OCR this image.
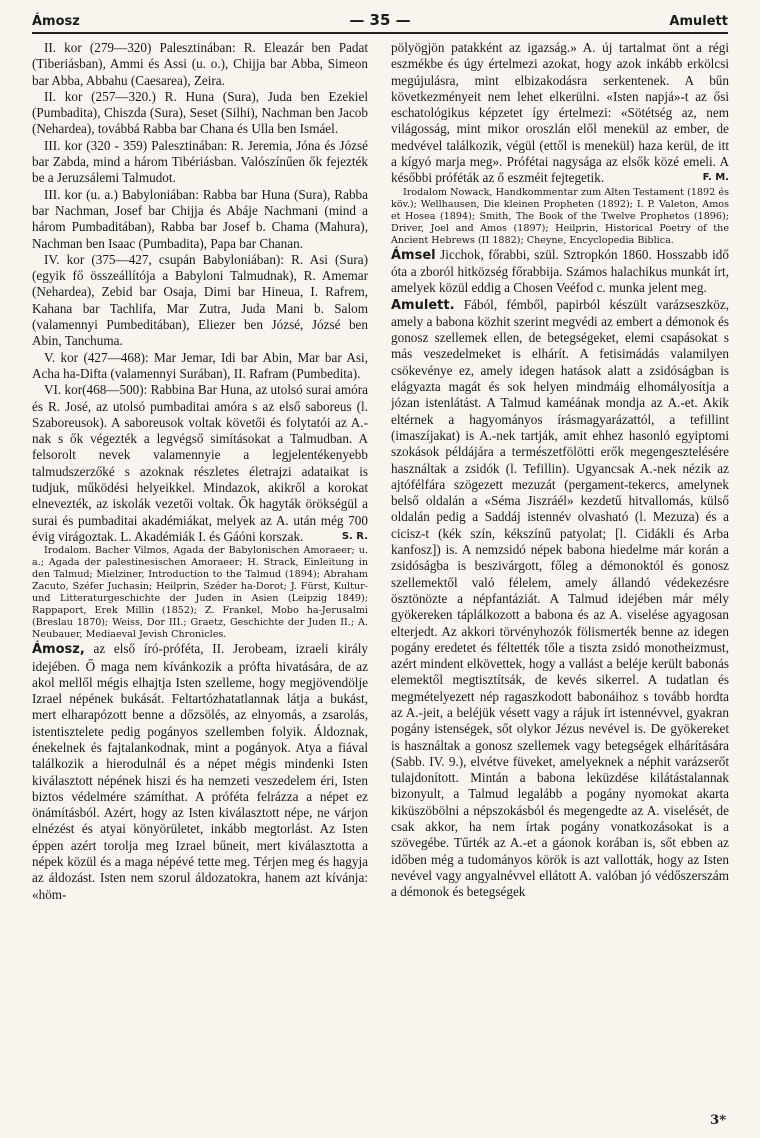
Ámosz	— 35 —	Amulett

II. kor (279—320) Palesztinában: R. Eleazár ben Padat (Tiberiásban), Ammi és Assi (u. o.), Chijja bar Abba, Simeon bar Abba, Abbahu (Caesarea), Zeira.

II. kor (257—320.) R. Huna (Sura), Juda ben Ezekiel (Pumbadita), Chiszda (Sura), Seset (Silhi), Nachman ben Jacob (Nehardea), továbbá Rabba bar Chana és Ulla ben Ismáel.

III. kor (320 - 359) Palesztinában: R. Jeremia, Jóna és Józsé bar Zabda, mind a három Tibériásban. Valószínűen ők fejezték be a Jeruzsálemi Talmudot.

III. kor (u. a.) Babyloniában: Rabba bar Huna (Sura), Rabba bar Nachman, Josef bar Chijja és Abáje Nachmani (mind a három Pumbaditában), Rabba bar Josef b. Chama (Mahura), Nachman ben Isaac (Pumbadita), Papa bar Chanan.

IV. kor (375—427, csupán Babyloniában): R. Asi (Sura) (egyik fő összeállítója a Babyloni Talmudnak), R. Amemar (Nehardea), Zebid bar Osaja, Dimi bar Hineua, I. Rafrem, Kahana bar Tachlifa, Mar Zutra, Juda Mani b. Salom (valamennyi Pumbeditában), Eliezer ben Józsé, Józsé ben Abin, Tanchuma.

V. kor (427—468): Mar Jemar, Idi bar Abin, Mar bar Asi, Acha ha-Difta (valamennyi Surában), II. Rafram (Pumbedita).

VI. kor(468—500): Rabbina Bar Huna, az utolsó surai amóra és R. José, az utolsó pumbaditai amóra s az első saboreus (l. Szaboreusok). A saboreusok voltak követői és folytatói az A.-nak s ők végezték a legvégső simításokat a Talmudban. A felsorolt nevek valamennyie a legjelentékenyebb talmudszerzőké s azoknak részletes életrajzi adataikat is tudjuk, működési helyeikkel. Mindazok, akikről a korokat elnevezték, az iskolák vezetői voltak. Ők hagyták örökségül a surai és pumbaditai akadémiákat, melyek az A. után még 700 évig virágoztak. L. Akadémiák I. és Gáóni korszak.	S. R.

Irodalom. Bacher Vilmos, Agada der Babylonischen Amoraeer; u. a.; Agada der palestinesischen Amoraeer; H. Strack, Einleitung in den Talmud; Mielziner, Introduction to the Talmud (1894); Abraham Zacuto, Széfer Juchasin; Heilprin, Széder ha-Dorot; J. Fürst, Kultur- und Litteraturgeschichte der Juden in Asien (Leipzig 1849); Rappaport, Erek Millin (1852); Z. Frankel, Mobo ha-Jerusalmi (Breslau 1870); Weiss, Dor III.; Graetz, Geschichte der Juden II.; A. Neubauer, Mediaeval Jevish Chronicles.

Ámosz, az első író-próféta, II. Jerobeam, izraeli király idejében. Ő maga nem kívánkozik a prófta hivatására, de az akol mellől mégis elhajtja Isten szelleme, hogy megjövendölje Izrael népének bukását. Feltartózhatatlannak látja a bukást, mert elharapózott benne a dőzsölés, az elnyomás, a zsarolás, istentisztelete pedig pogányos szellemben folyik. Áldoznak, énekelnek és fajtalankodnak, mint a pogányok. Atya a fiával találkozik a hierodulnál és a népet mégis mindenki Isten kiválasztott népének hiszi és ha nemzeti veszedelem éri, Isten biztos védelmére számíthat. A próféta felrázza a népet ez önámításból. Azért, hogy az Isten kiválasztott népe, ne várjon elnézést és atyai könyörületet, inkább megtorlást. Az Isten éppen azért torolja meg Izrael bűneit, mert kiválasztotta a népek közül és a maga népévé tette meg. Térjen meg és hagyja az áldozást. Isten nem szorul áldozatokra, hanem azt kívánja: «höm-

pölyögjön patakként az igazság.» A. új tartalmat önt a régi eszmékbe és úgy értelmezi azokat, hogy azok inkább erkölcsi megújulásra, mint elbizakodásra serkentenek. A bűn következményeit nem lehet elkerülni. «Isten napjá»-t az ősi eschatológikus képzetet így értelmezi: «Sötétség az, nem világosság, mint mikor oroszlán elől menekül az ember, de medvével találkozik, végül (ettől is menekül) haza kerül, de itt a kígyó marja meg». Prófétai nagysága az elsők közé emeli. A későbbi próféták az ő eszméit fejtegetik.	F. M.

Irodalom Nowack, Handkommentar zum Alten Testament (1892 és köv.); Wellhausen, Die kleinen Propheten (1892); I. P. Valeton, Amos et Hosea (1894); Smith, The Book of the Twelve Prophetos (1896); Driver, Joel and Amos (1897); Heilprin, Historical Poetry of the Ancient Hebrews (II 1882); Cheyne, Encyclopedia Biblica.

Ámsel Jicchok, főrabbi, szül. Sztropkón 1860. Hosszabb idő óta a zboról hitközség főrabbija. Számos halachikus munkát írt, amelyek közül eddig a Chosen Veéfod c. munka jelent meg.

Amulett. Fából, fémből, papirból készült varázseszköz, amely a babona közhit szerint megvédi az embert a démonok és gonosz szellemek ellen, de betegségeket, elemi csapásokat s más veszedelmeket is elhárít. A fetisimádás valamilyen csökevénye ez, amely idegen hatások alatt a zsidóságban is elágyazta magát és sok helyen mindmáig elhomályosítja a józan istenlátást. A Talmud kaméának mondja az A.-et. Akik eltérnek a hagyományos írásmagyarázattól, a tefillint (imaszíjakat) is A.-nek tartják, amit ehhez hasonló egyiptomi szokások példájára a természetfölötti erők megengesztelésére használtak a zsidók (l. Tefillin). Ugyancsak A.-nek nézik az ajtófélfára szögezett mezuzát (pergament-tekercs, amelynek belső oldalán a «Séma Jiszráél» kezdetű hitvallomás, külső oldalán pedig a Saddáj istennév olvasható (l. Mezuza) és a cicisz-t (kék szín, kékszínű patyolat; [l. Cidákli és Arba kanfosz]) is. A nemzsidó népek babona hiedelme már korán a zsidóságba is beszivárgott, főleg a démonoktól és gonosz szellemektől való félelem, amely állandó védekezésre ösztönözte a népfantáziát. A Talmud idejében már mély gyökereken táplálkozott a babona és az A. viselése agyagosan elterjedt. Az akkori törvényhozók fölismerték benne az idegen pogány eredetet és féltették tőle a tiszta zsidó monotheizmust, azért mindent elkövettek, hogy a vallást a beléje került babonás elemektől megtisztítsák, de kevés sikerrel. A tudatlan és megmételyezett nép ragaszkodott babonáihoz s tovább hordta az A.-jeit, a beléjük vésett vagy a rájuk írt istennévvel, gyakran pogány istenségek, sőt olykor Jézus nevével is. De gyökereket is használtak a gonosz szellemek vagy betegségek elhárítására (Sabb. IV. 9.), elvétve füveket, amelyeknek a néphit varázserőt tulajdonított. Mintán a babona leküzdése kilátástalannak bizonyult, a Talmud legalább a pogány nyomokat akarta kiküszöbölni a népszokásból és megengedte az A. viselését, de csak akkor, ha nem írtak pogány vonatkozásokat is a szövegébe. Tűrték az A.-et a gáonok korában is, sőt ebben az időben még a tudományos körök is azt vallották, hogy az Isten nevével vagy angyalnévvel ellátott A. valóban jó védőszerszám a démonok és betegségek

3*
